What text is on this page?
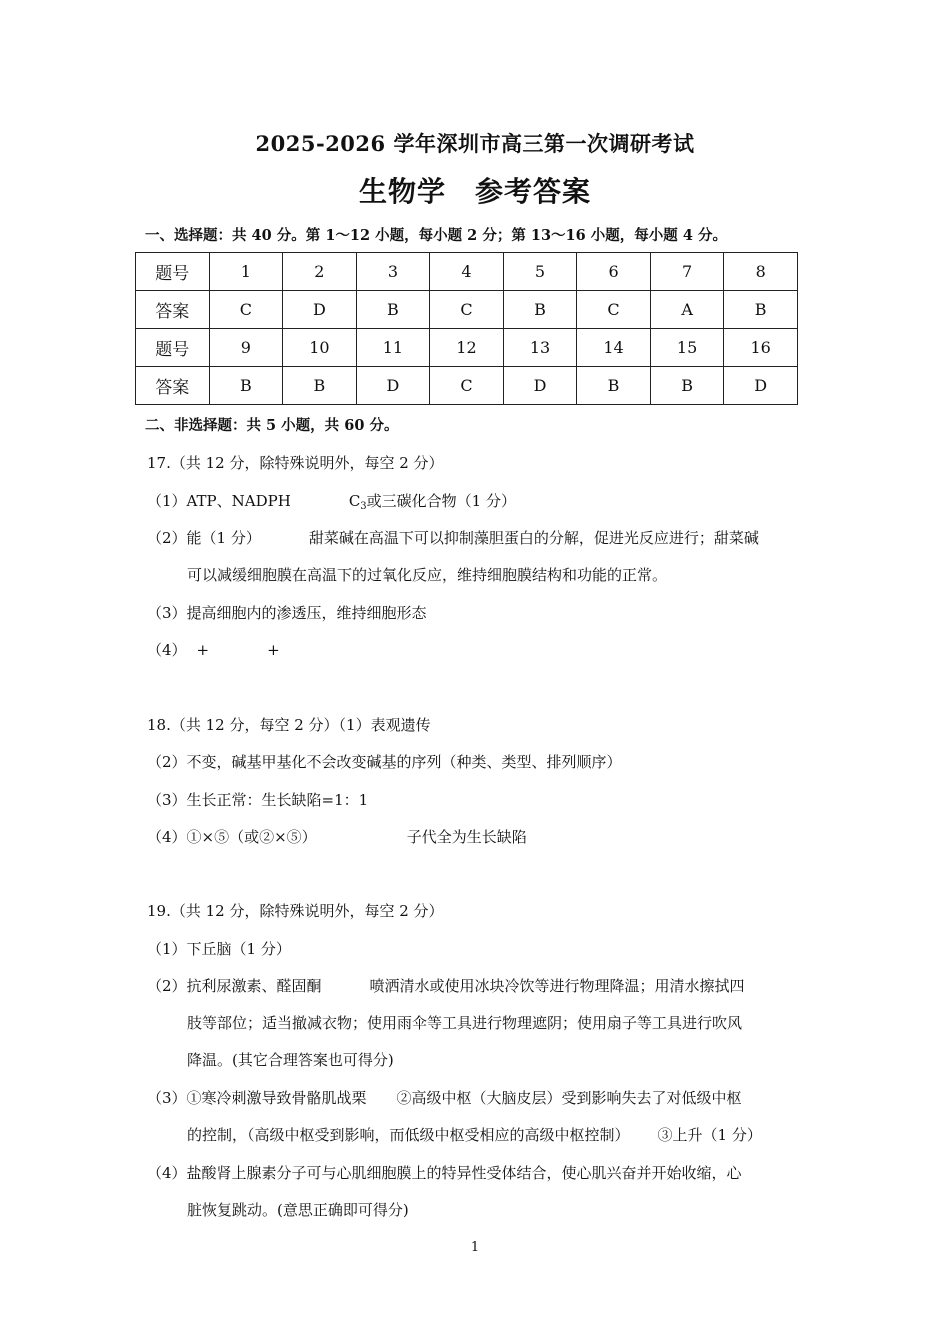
2025-2026 学年深圳市高三第一次调研考试
生物学　参考答案
一、选择题：共 40 分。第 1～12 小题，每小题 2 分；第 13～16 小题，每小题 4 分。
题号	1	2	3	4	5	6	7	8
答案	C	D	B	C	B	C	A	B
题号	9	10	11	12	13	14	15	16
答案	B	B	D	C	D	B	B	D
二、非选择题：共 5 小题，共 60 分。
17.（共 12 分，除特殊说明外，每空 2 分）
（1）ATP、NADPH	$C_3$或三碳化合物（1 分）
（2）能（1 分）	甜菜碱在高温下可以抑制藻胆蛋白的分解，促进光反应进行；甜菜碱
可以减缓细胞膜在高温下的过氧化反应，维持细胞膜结构和功能的正常。
（3）提高细胞内的渗透压，维持细胞形态
（4） +	+
18.（共 12 分，每空 2 分）（1）表观遗传
（2）不变，碱基甲基化不会改变碱基的序列（种类、类型、排列顺序）
（3）生长正常：生长缺陷=1：1
（4）①×⑤（或②×⑤）	子代全为生长缺陷
19.（共 12 分，除特殊说明外，每空 2 分）
（1）下丘脑（1 分）
（2）抗利尿激素、醛固酮	喷洒清水或使用冰块冷饮等进行物理降温；用清水擦拭四
肢等部位；适当撤减衣物；使用雨伞等工具进行物理遮阴；使用扇子等工具进行吹风
降温。(其它合理答案也可得分)
（3）①寒冷刺激导致骨骼肌战栗 ②高级中枢（大脑皮层）受到影响失去了对低级中枢
的控制，（高级中枢受到影响，而低级中枢受相应的高级中枢控制） ③上升（1 分）
（4）盐酸肾上腺素分子可与心肌细胞膜上的特异性受体结合，使心肌兴奋并开始收缩，心
脏恢复跳动。(意思正确即可得分)
1
